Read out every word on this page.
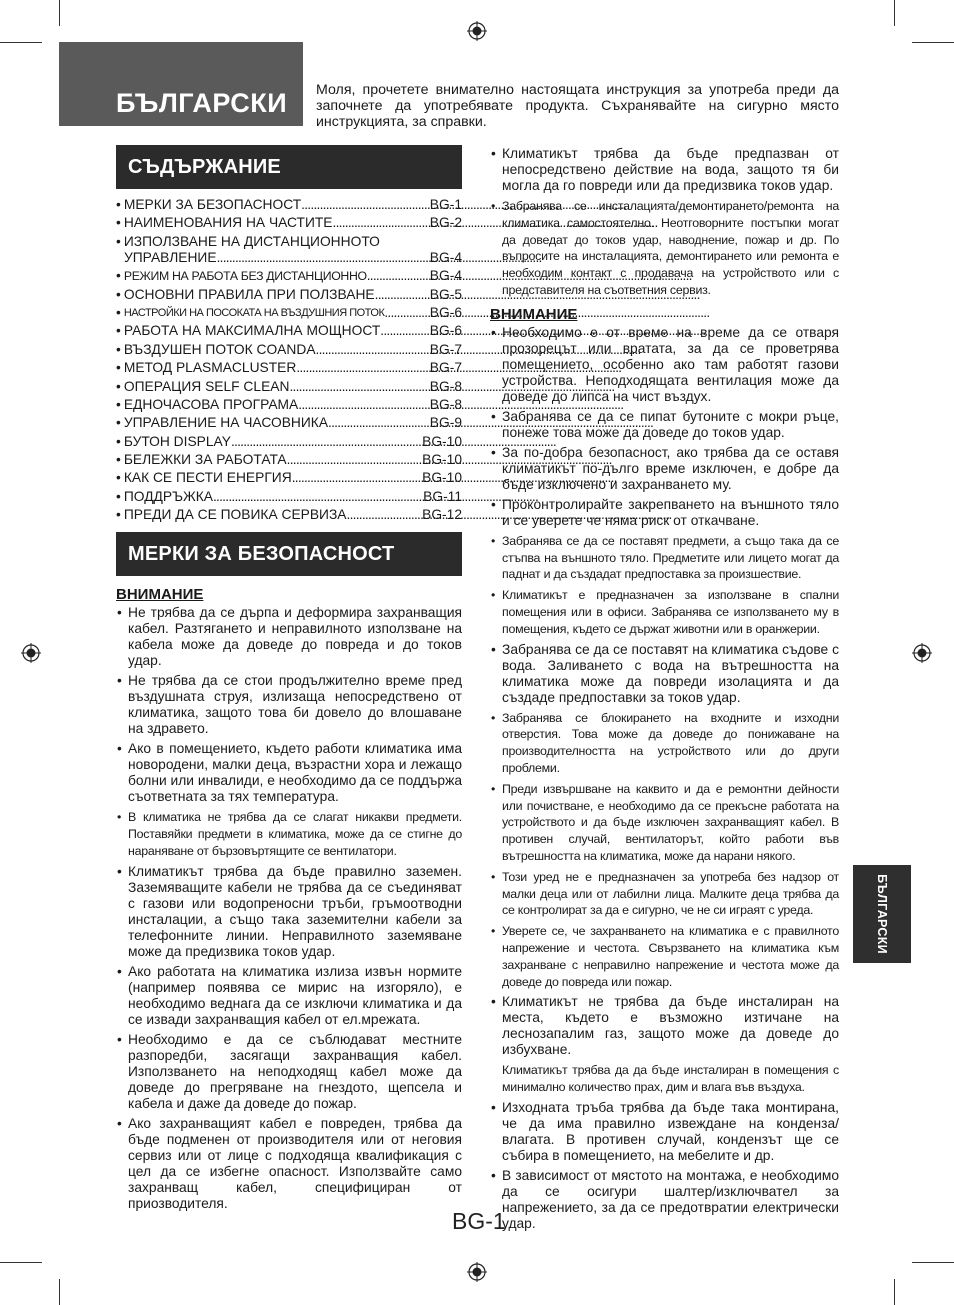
БЪЛГАРСКИ Моля, прочетете внимателно настоящата инструкция за употреба преди да започнете да употребявате продукта. Съхранявайте на сигурно място инструкцията, за справки.

СЪДЪРЖАНИЕ
• МЕРКИ ЗА БЕЗОПАСНОСТ . . .	BG-1
• НАИМЕНОВАНИЯ НА ЧАСТИТЕ . . .	BG-2
• ИЗПОЛЗВАНЕ НА ДИСТАНЦИОННОТО
УПРАВЛЕНИЕ . . .	BG-4
• РЕЖИМ НА РАБОТА БЕЗ ДИСТАНЦИОННО . . .	BG-4
• ОСНОВНИ ПРАВИЛА ПРИ ПОЛЗВАНЕ . . .	BG-5
• НАСТРОЙКИ НА ПОСОКАТА НА ВЪЗДУШНИЯ ПОТОК . . .	BG-6
• РАБОТА НА МАКСИМАЛНА МОЩНОСТ . . .	BG-6
• ВЪЗДУШЕН ПОТОК COANDA . . .	BG-7
• МЕТОД PLASMACLUSTER . . .	BG-7
• ОПЕРАЦИЯ SELF CLEAN . . .	BG-8
• ЕДНОЧАСОВА ПРОГРАМА . . .	BG-8
• УПРАВЛЕНИЕ НА ЧАСОВНИКА . . .	BG-9
• БУТОН DISPLAY . . .	BG-10
• БЕЛЕЖКИ ЗА РАБОТАТА . . .	BG-10
• КАК СЕ ПЕСТИ ЕНЕРГИЯ . . .	BG-10
• ПОДДРЪЖКА . . .	BG-11
• ПРЕДИ ДА СЕ ПОВИКА СЕРВИЗА . . .	BG-12
МЕРКИ ЗА БЕЗОПАСНОСТ
ВНИМАНИЕ
• Не трябва да се дърпа и деформира захранващия кабел. Разтягането и неправилното използване на кабела може да доведе до повреда и до токов удар.
• Не трябва да се стои продължително време пред въздушната струя, излизаща непосредствено от климатика, защото това би довело до влошаване на здравето.
• Ако в помещението, където работи климатика има новородени, малки деца, възрастни хора и лежащо болни или инвалиди, е необходимо да се поддържа съответната за тях температура.
• В климатика не трябва да се слагат никакви предмети. Поставяйки предмети в климатика, може да се стигне до нараняване от бързовъртящите се вентилатори.
• Климатикът трябва да бъде правилно заземен. Заземяващите кабели не трябва да се съединяват с газови или водопреносни тръби, гръмоотводни инсталации, а също така заземителни кабели за телефонните линии. Неправилното заземяване може да предизвика токов удар.
• Ако работата на климатика излиза извън нормите (например появява се мирис на изгоряло), е необходимо веднага да се изключи климатика и да се извади захранващия кабел от ел.мрежата.
• Необходимо е да се съблюдават местните разпоредби, засягащи захранващия кабел. Използването на неподходящ кабел може да доведе до прегряване на гнездото, щепсела и кабела и даже да доведе до пожар.
• Ако захранващият кабел е повреден, трябва да бъде подменен от производителя или от неговия сервиз или от лице с подходяща квалификация с цел да се избегне опасност. Използвайте само захранващ кабел, специфициран от приозводителя.
• Климатикът трябва да бъде предпазван от непосредствено действие на вода, защото тя би могла да го повреди или да предизвика токов удар.
• Забранява се инсталацията/демонтирането/ремонта на климатика самостоятелно. Неотговорните постъпки могат да доведат до токов удар, наводнение, пожар и др. По въпросите на инсталацията, демонтирането или ремонта е необходим контакт с продавача на устройството или с представителя на съответния сервиз.
ВНИМАНИЕ
• Необходимо е от време на време да се отваря прозорецът или вратата, за да се проветрява помещението, особенно ако там работят газови устройства. Неподходящата вентилация може да доведе до липса на чист въздух.
• Забранява се да се пипат бутоните с мокри ръце, понеже това може да доведе до токов удар.
• За по-добра безопасност, ако трябва да се оставя климатикът по-дълго време изключен, е добре да бъде изключено и захранването му.
• Проконтролирайте закрепването на външното тяло и се уверете че няма риск от откачване.
• Забранява се да се поставят предмети, а също така да се стъпва на външното тяло. Предметите или лицето могат да паднат и да създадат предпоставка за произшествие.
• Климатикът е предназначен за използване в спални помещения или в офиси. Забранява се използването му в помещения, където се държат животни или в оранжерии.
• Забранява се да се поставят на климатика съдове с вода. Заливането с вода на вътрешността на климатика може да повреди изолацията и да създаде предпоставки за токов удар.
• Забранява се блокирането на входните и изходни отверстия. Това може да доведе до понижаване на производителността на устройството или до други проблеми.
• Преди извършване на каквито и да е ремонтни дейности или почистване, е необходимо да се прекъсне работата на устройството и да бъде изключен захранващият кабел. В противен случай, вентилаторът, който работи във вътрешността на климатика, може да нарани някого.
• Този уред не е предназначен за употреба без надзор от малки деца или от лабилни лица. Малките деца трябва да се контролират за да е сигурно, че не си играят с уреда.
• Уверете се, че захранването на климатика е с правилното напрежение и честота. Свързването на климатика към захранване с неправилно напрежение и честота може да доведе до повреда или пожар.
• Климатикът не трябва да бъде инсталиран на места, където е възможно изтичане на леснозапалим газ, защото може да доведе до избухване.
Климатикът трябва да да бъде инсталиран в помещения с минимално количество прах, дим и влага във въздуха.
• Изходната тръба трябва да бъде така монтирана, че да има правилно извеждане на конденза/влагата. В противен случай, кондензът ще се събира в помещението, на мебелите и др.
• В зависимост от мястото на монтажа, е необходимо да се осигури шалтер/изключвател за напрежението, за да се предотвратии електрически удар.
БЪЛГАРСКИ
BG-1
